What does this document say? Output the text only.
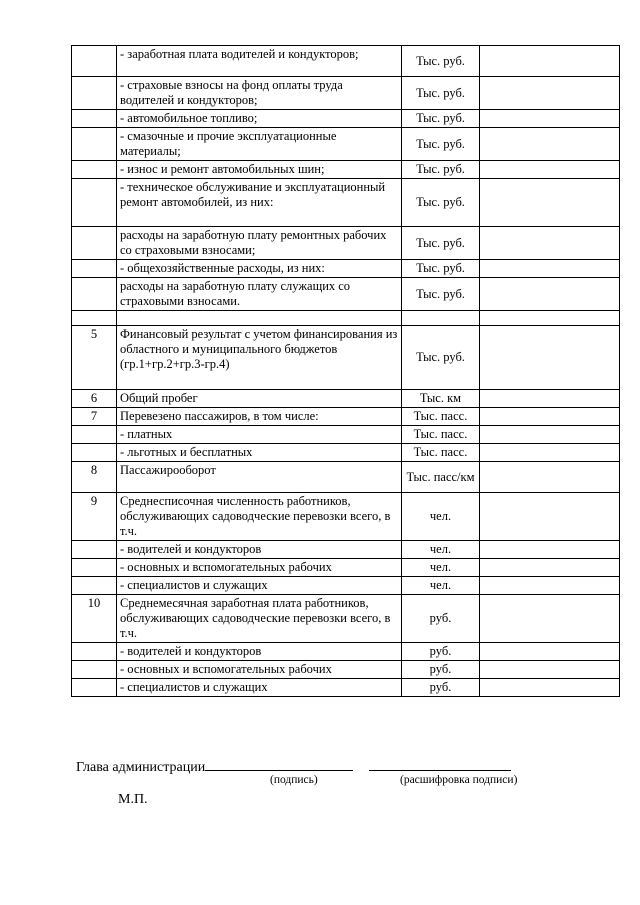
	- заработная плата водителей и кондукторов;	Тыс. руб.	
	- страховые взносы на фонд оплаты труда водителей и кондукторов;	Тыс. руб.	
	- автомобильное топливо;	Тыс. руб.	
	- смазочные и прочие эксплуатационные материалы;	Тыс. руб.	
	- износ и ремонт автомобильных шин;	Тыс. руб.	
	- техническое обслуживание и эксплуатационный ремонт автомобилей, из них:	Тыс. руб.	
	расходы на заработную плату ремонтных рабочих со страховыми взносами;	Тыс. руб.	
	- общехозяйственные расходы, из них:	Тыс. руб.	
	расходы на заработную плату служащих со страховыми взносами.	Тыс. руб.	

5	Финансовый результат с учетом финансирования из областного и муниципального бюджетов (гр.1+гр.2+гр.3-гр.4)	Тыс. руб.	
6	Общий пробег	Тыс. км	
7	Перевезено пассажиров, в том числе:	Тыс. пасс.	
	- платных	Тыс. пасс.	
	- льготных и бесплатных	Тыс. пасс.	
8	Пассажирооборот	Тыс. пасс/км	
9	Среднесписочная численность работников, обслуживающих садоводческие перевозки всего, в т.ч.	чел.	
	- водителей и кондукторов	чел.	
	- основных и вспомогательных рабочих	чел.	
	- специалистов и служащих	чел.	
10	Среднемесячная заработная плата работников, обслуживающих садоводческие перевозки всего, в т.ч.	руб.	
	- водителей и кондукторов	руб.	
	- основных и вспомогательных рабочих	руб.	
	- специалистов и служащих	руб.	
Глава администрации
(подпись)	(расшифровка подписи)
М.П.
